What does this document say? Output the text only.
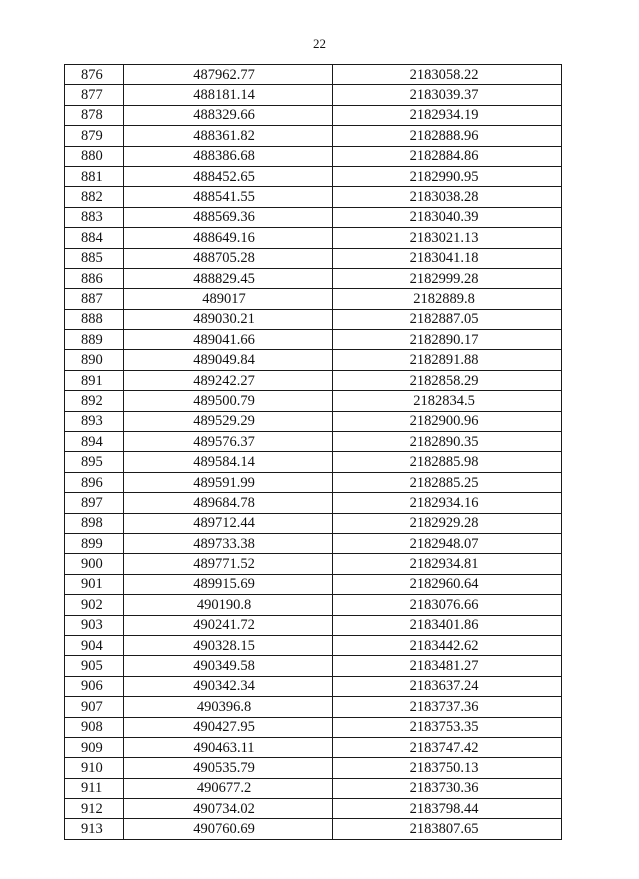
22
876	487962.77	2183058.22
877	488181.14	2183039.37
878	488329.66	2182934.19
879	488361.82	2182888.96
880	488386.68	2182884.86
881	488452.65	2182990.95
882	488541.55	2183038.28
883	488569.36	2183040.39
884	488649.16	2183021.13
885	488705.28	2183041.18
886	488829.45	2182999.28
887	489017	2182889.8
888	489030.21	2182887.05
889	489041.66	2182890.17
890	489049.84	2182891.88
891	489242.27	2182858.29
892	489500.79	2182834.5
893	489529.29	2182900.96
894	489576.37	2182890.35
895	489584.14	2182885.98
896	489591.99	2182885.25
897	489684.78	2182934.16
898	489712.44	2182929.28
899	489733.38	2182948.07
900	489771.52	2182934.81
901	489915.69	2182960.64
902	490190.8	2183076.66
903	490241.72	2183401.86
904	490328.15	2183442.62
905	490349.58	2183481.27
906	490342.34	2183637.24
907	490396.8	2183737.36
908	490427.95	2183753.35
909	490463.11	2183747.42
910	490535.79	2183750.13
911	490677.2	2183730.36
912	490734.02	2183798.44
913	490760.69	2183807.65
